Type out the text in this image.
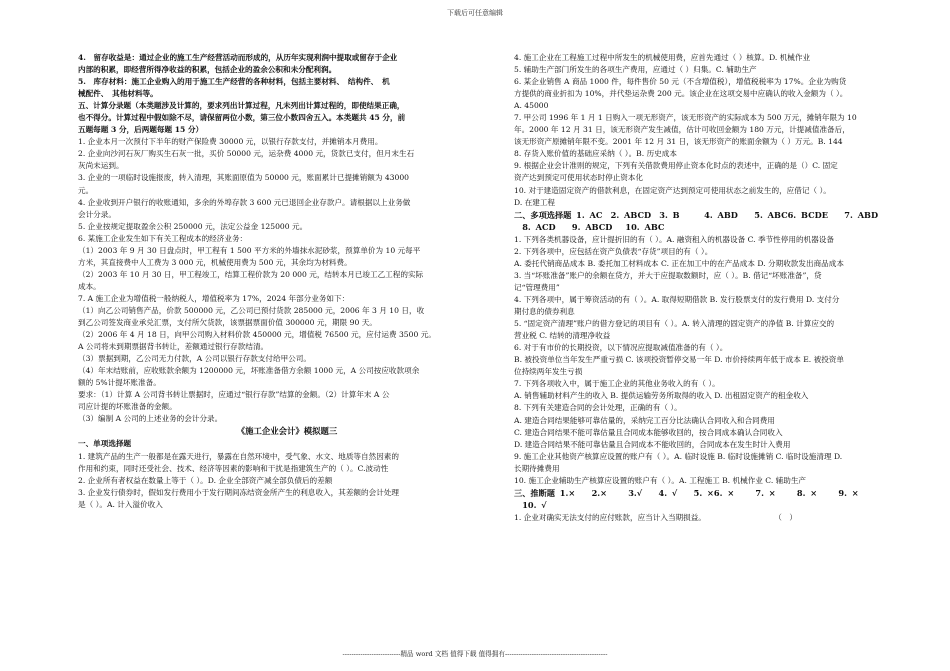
下载后可任意编辑

4.　留存收益是：通过企业的施工生产经营活动而形成的，从历年实现利润中提取或留存于企业

内部的积累，即经营所得净收益的积累，包括企业的盈余公积和未分配利润。

5.　库存材料：施工企业购入的用于施工生产经营的各种材料，包括主要材料、　结构件、　机

械配件、　其他材料等。

五、计算分录题（本类题涉及计算的，要求列出计算过程，凡未列出计算过程的，即使结果正确，

也不得分。计算过程中假如除不尽，请保留两位小数，第三位小数四舍五入。本类题共 45 分，前

五题每题 3 分，后两题每题 15 分）

1. 企业本月一次预付下半年的财产保险费 30000 元，以银行存款支付，并摊销本月费用。

2. 企业向沙河石灰厂购买生石灰一批，买价 50000 元，运杂费 4000 元，货款已支付，但月末生石

灰尚未运到。

3. 企业的一项临时设施报废，转入清理，其账面原值为 50000 元，账面累计已提摊销额为 43000

元。

4. 企业收到开户银行的收账通知，多余的外埠存款 3 600 元已退回企业存款户。请根据以上业务做

会计分录。

5. 企业按规定提取盈余公积 250000 元，法定公益金 125000 元。

6. 某施工企业发生如下有关工程成本的经济业务：

（1）2003 年 9 月 30 日盘点时，甲工程有 1 500 平方米的外墙抹水泥砂浆，预算单价为 10 元每平

方米，其直接费中人工费为 3 000 元，机械使用费为 500 元，其余均为材料费。

（2）2003 年 10 月 30 日，甲工程竣工，结算工程价款为 20 000 元，结转本月已竣工乙工程的实际

成本。

7. A 施工企业为增值税一般纳税人，增值税率为 17%，2024 年部分业务如下：

（1）向乙公司销售产品，价款 500000 元，乙公司已预付货款 285000 元，2006 年 3 月 10 日，收

到乙公司签发商业承兑汇票，支付所欠货款，该票据票面价值 300000 元，期限 90 天。

（2）2006 年 4 月 18 日，向甲公司购入材料价款 450000 元，增值税 76500 元，应付运费 3500 元。

A 公司将未到期票据背书转让，差额通过银行存款结清。

（3）票据到期，乙公司无力付款，A 公司以银行存款支付给甲公司。

（4）年末结账前，应收账款余额为 1200000 元，坏账准备借方余额 1000 元，A 公司按应收款项余

额的 5%计提坏账准备。

要求：（1）计算 A 公司背书转让票据时，应通过“银行存款”结算的金额。（2）计算年末 A 公

司应计提的坏账准备的金额。

（3）编制 A 公司的上述业务的会计分录。

《施工企业会计》模拟题三

一、单项选择题

1. 建筑产品的生产一般都是在露天进行，暴露在自然环境中，受气象、水文、地质等自然因素的

作用和约束，同时还受社会、技术、经济等因素的影响和干扰是指建筑生产的（ ）。C.波动性

2. 企业所有者权益在数量上等于（ ）。D. 企业全部资产减全部负债后的差额

3. 企业发行债券时，假如发行费用小于发行期间冻结资金所产生的利息收入，其差额的会计处理

是（ ）。A. 计入溢价收入

4. 施工企业在工程施工过程中所发生的机械使用费，应首先通过（ ）核算。D. 机械作业

5. 辅助生产部门所发生的各项生产费用，应通过（ ）归集。C. 辅助生产

6. 某企业销售 A 商品 1000 件，每件售价 50 元（不含增值税），增值税税率为 17%。企业为购货

方提供的商业折扣为 10%，并代垫运杂费 200 元。该企业在这项交易中应确认的收入金额为（ ）。

A. 45000

7. 甲公司 1996 年 1 月 1 日购入一项无形资产，该无形资产的实际成本为 500 万元，摊销年限为 10

年。2000 年 12 月 31 日，该无形资产发生减值，估计可收回金额为 180 万元，计提减值准备后，

该无形资产原摊销年限不变。2001 年 12 月 31 日，该无形资产的账面余额为（ ）万元。B. 144

8. 存货入账价值的基础应采纳（ ）。B. 历史成本

9. 根据企业会计准则的规定，下列有关借款费用停止资本化时点的表述中，正确的是（）C. 固定

资产达到预定可使用状态时停止资本化

10. 对于建造固定资产的借款利息，在固定资产达到预定可使用状态之前发生的，应借记（ ）。

D. 在建工程

二、多项选择题 1. AC　2. ABCD　3. B　　　4. ABD　　5. ABC6. BCDE　　7. ABD

　8. ACD　　9. ABCD　 10. ABC

1. 下列各类机器设备，应计提折旧的有（ ）。A. 融资租入的机器设备 C. 季节性停用的机器设备

2. 下列各项中，应包括在资产负债表“存货”项目的有（ ）。

A. 委托代销商品成本 B. 委托加工材料成本 C. 正在加工中的在产品成本 D. 分期收款发出商品成本

3. 当“坏账准备”账户的余额在贷方，并大于应提取数额时，应（ ）。B. 借记“坏账准备”，贷

记“管理费用”

4. 下列各项中，属于筹资活动的有（ ）。A. 取得短期借款 B. 发行股票支付的发行费用 D. 支付分

期付息的债券利息

5. “固定资产清理”账户的借方登记的项目有（ ）。A. 转入清理的固定资产的净值 B. 计算应交的

营业税 C. 结转的清理净收益

6. 对于有市价的长期投资，以下情况应提取减值准备的有（ ）。

B. 被投资单位当年发生严重亏损 C. 该项投资暂停交易一年 D. 市价持续两年低于成本 E. 被投资单

位持续两年发生亏损

7. 下列各项收入中，属于施工企业的其他业务收入的有（ ）。

A. 销售辅助材料产生的收入 B. 提供运输劳务所取得的收入 D. 出租固定资产的租金收入

8. 下列有关建造合同的会计处理，正确的有（ ）。

A. 建造合同结果能够可靠估量的，采纳完工百分比法确认合同收入和合同费用

C. 建造合同结果不能可靠估量且合同成本能够收回的，按合同成本确认合同收入

D. 建造合同结果不能可靠估量且合同成本不能收回的，合同成本在发生时计入费用

9. 施工企业其他资产核算应设置的账户有（ ）。A. 临时设施 B. 临时设施摊销 C. 临时设施清理 D.

长期待摊费用

10. 施工企业辅助生产核算应设置的账户有（ ）。A. 工程施工 B. 机械作业 C. 辅助生产

三、推断题 1.×　　2.×　　 3.√　　4. √　　5. ×6. ×　　 7. ×　　 8. ×　　 9. ×

　10. √

1. 企业对确实无法支付的应付账款，应当计入当期损益。　　　　　　　　　　（　）

--------------------------精品 word 文档 值得下载 值得拥有----------------------------------------------
